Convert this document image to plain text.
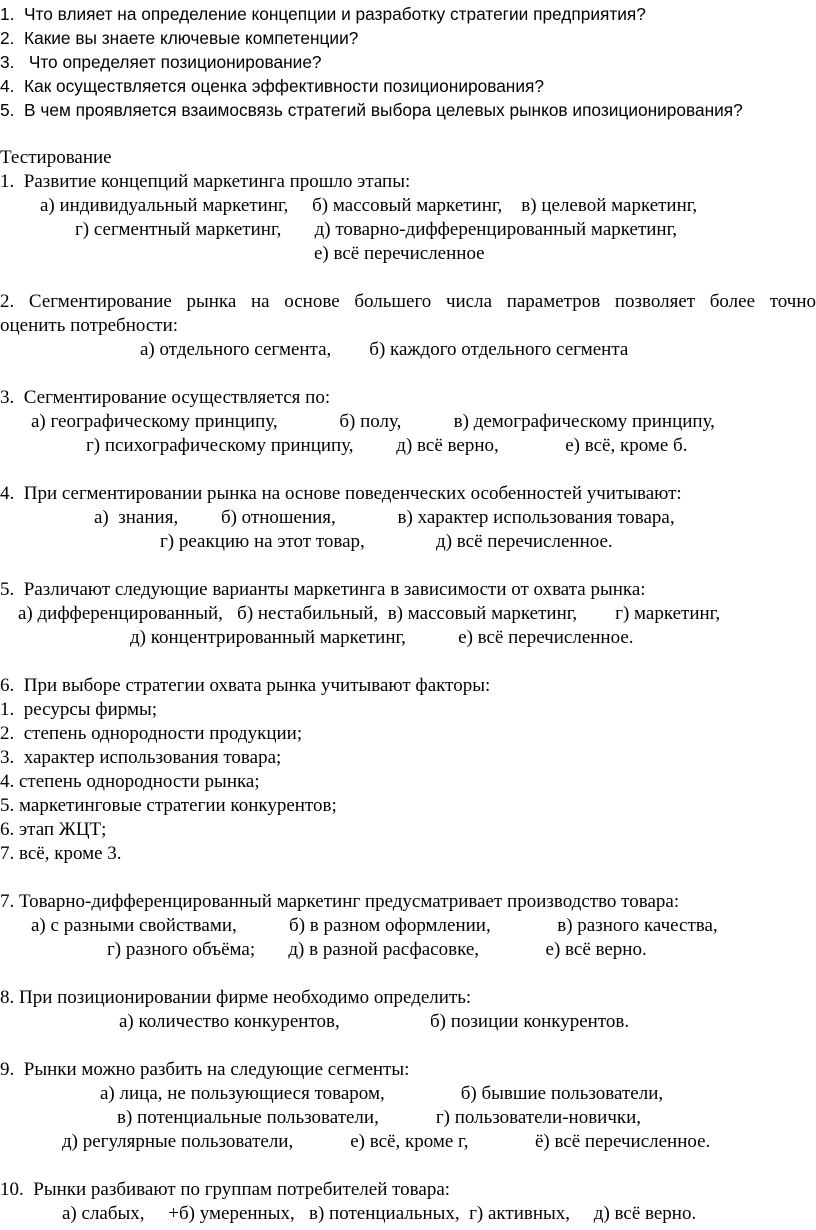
1.  Что влияет на определение концепции и разработку стратегии предприятия?
2.  Какие вы знаете ключевые компетенции?
3.   Что определяет позиционирование?
4.  Как осуществляется оценка эффективности позиционирования?
5.  В чем проявляется взаимосвязь стратегий выбора целевых рынков ипозиционирования?
Тестирование
1.  Развитие концепций маркетинга прошло этапы:
а) индивидуальный маркетинг,     б) массовый маркетинг,    в) целевой маркетинг,
г) сегментный маркетинг,       д) товарно-дифференцированный маркетинг,
е) всё перечисленное
2. Сегментирование рынка на основе большего числа параметров позволяет более точно
оценить потребности:
а) отдельного сегмента,        б) каждого отдельного сегмента
3.  Сегментирование осуществляется по:
а) географическому принципу,             б) полу,           в) демографическому принципу,
г) психографическому принципу,         д) всё верно,              е) всё, кроме б.
4.  При сегментировании рынка на основе поведенческих особенностей учитывают:
а)  знания,         б) отношения,             в) характер использования товара,
г) реакцию на этот товар,               д) всё перечисленное.
5.  Различают следующие варианты маркетинга в зависимости от охвата рынка:
а) дифференцированный,   б) нестабильный,  в) массовый маркетинг,        г) маркетинг,
д) концентрированный маркетинг,           е) всё перечисленное.
6.  При выборе стратегии охвата рынка учитывают факторы:
1.  ресурсы фирмы;
2.  степень однородности продукции;
3.  характер использования товара;
4. степень однородности рынка;
5. маркетинговые стратегии конкурентов;
6. этап ЖЦТ;
7. всё, кроме 3.
7. Товарно-дифференцированный маркетинг предусматривает производство товара:
а) с разными свойствами,           б) в разном оформлении,              в) разного качества,
г) разного объёма;       д) в разной расфасовке,              е) всё верно.
8. При позиционировании фирме необходимо определить:
а) количество конкурентов,                   б) позиции конкурентов.
9.  Рынки можно разбить на следующие сегменты:
а) лица, не пользующиеся товаром,                б) бывшие пользователи,
в) потенциальные пользователи,            г) пользователи-новички,
д) регулярные пользователи,            е) всё, кроме г,              ё) всё перечисленное.
10.  Рынки разбивают по группам потребителей товара:
а) слабых,     +б) умеренных,   в) потенциальных,  г) активных,     д) всё верно.
